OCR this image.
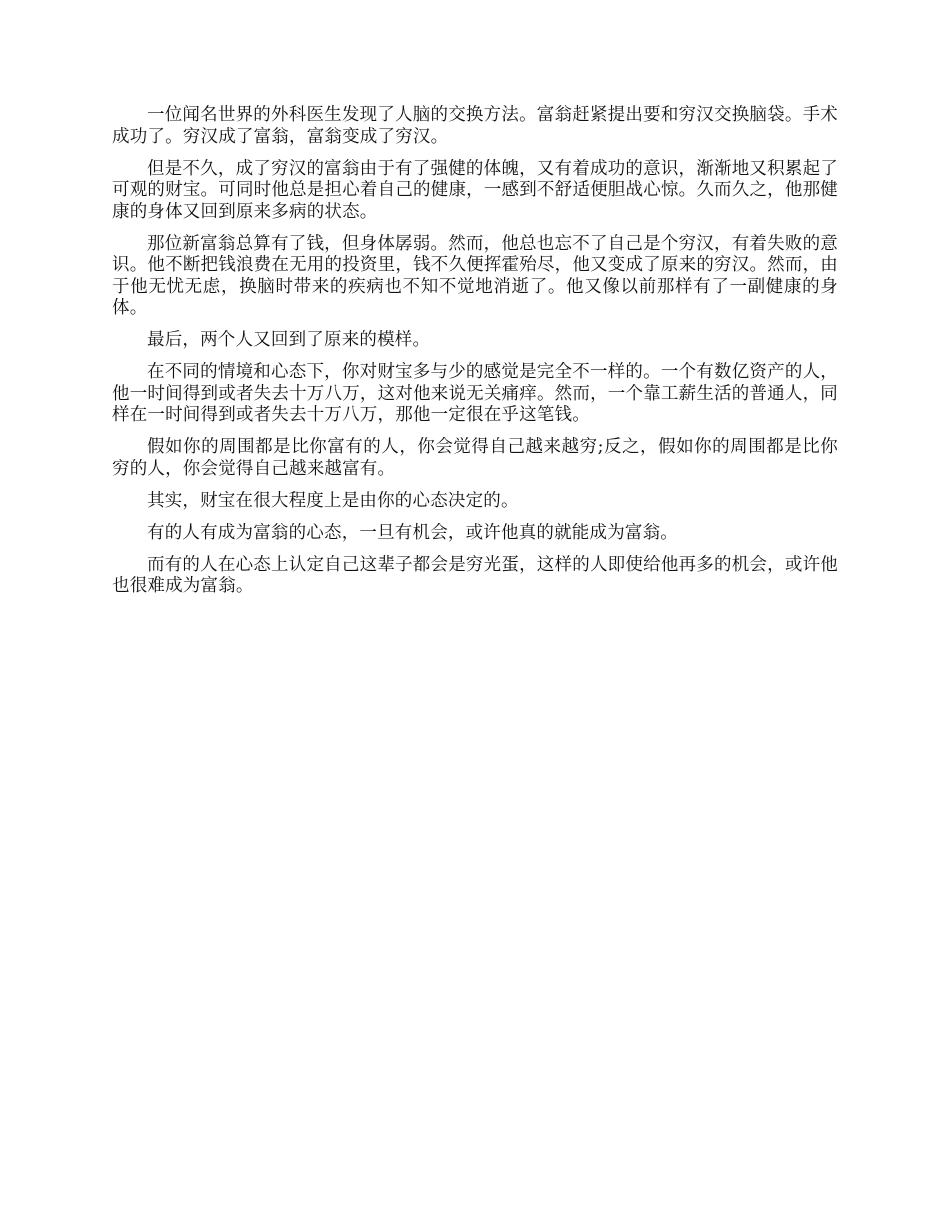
一位闻名世界的外科医生发现了人脑的交换方法。富翁赶紧提出要和穷汉交换脑袋。手术成功了。穷汉成了富翁，富翁变成了穷汉。

但是不久，成了穷汉的富翁由于有了强健的体魄，又有着成功的意识，渐渐地又积累起了可观的财宝。可同时他总是担心着自己的健康，一感到不舒适便胆战心惊。久而久之，他那健康的身体又回到原来多病的状态。

那位新富翁总算有了钱，但身体孱弱。然而，他总也忘不了自己是个穷汉，有着失败的意识。他不断把钱浪费在无用的投资里，钱不久便挥霍殆尽，他又变成了原来的穷汉。然而，由于他无忧无虑，换脑时带来的疾病也不知不觉地消逝了。他又像以前那样有了一副健康的身体。

最后，两个人又回到了原来的模样。

在不同的情境和心态下，你对财宝多与少的感觉是完全不一样的。一个有数亿资产的人，他一时间得到或者失去十万八万，这对他来说无关痛痒。然而，一个靠工薪生活的普通人，同样在一时间得到或者失去十万八万，那他一定很在乎这笔钱。

假如你的周围都是比你富有的人，你会觉得自己越来越穷;反之，假如你的周围都是比你穷的人，你会觉得自己越来越富有。

其实，财宝在很大程度上是由你的心态决定的。

有的人有成为富翁的心态，一旦有机会，或许他真的就能成为富翁。

而有的人在心态上认定自己这辈子都会是穷光蛋，这样的人即使给他再多的机会，或许他也很难成为富翁。
